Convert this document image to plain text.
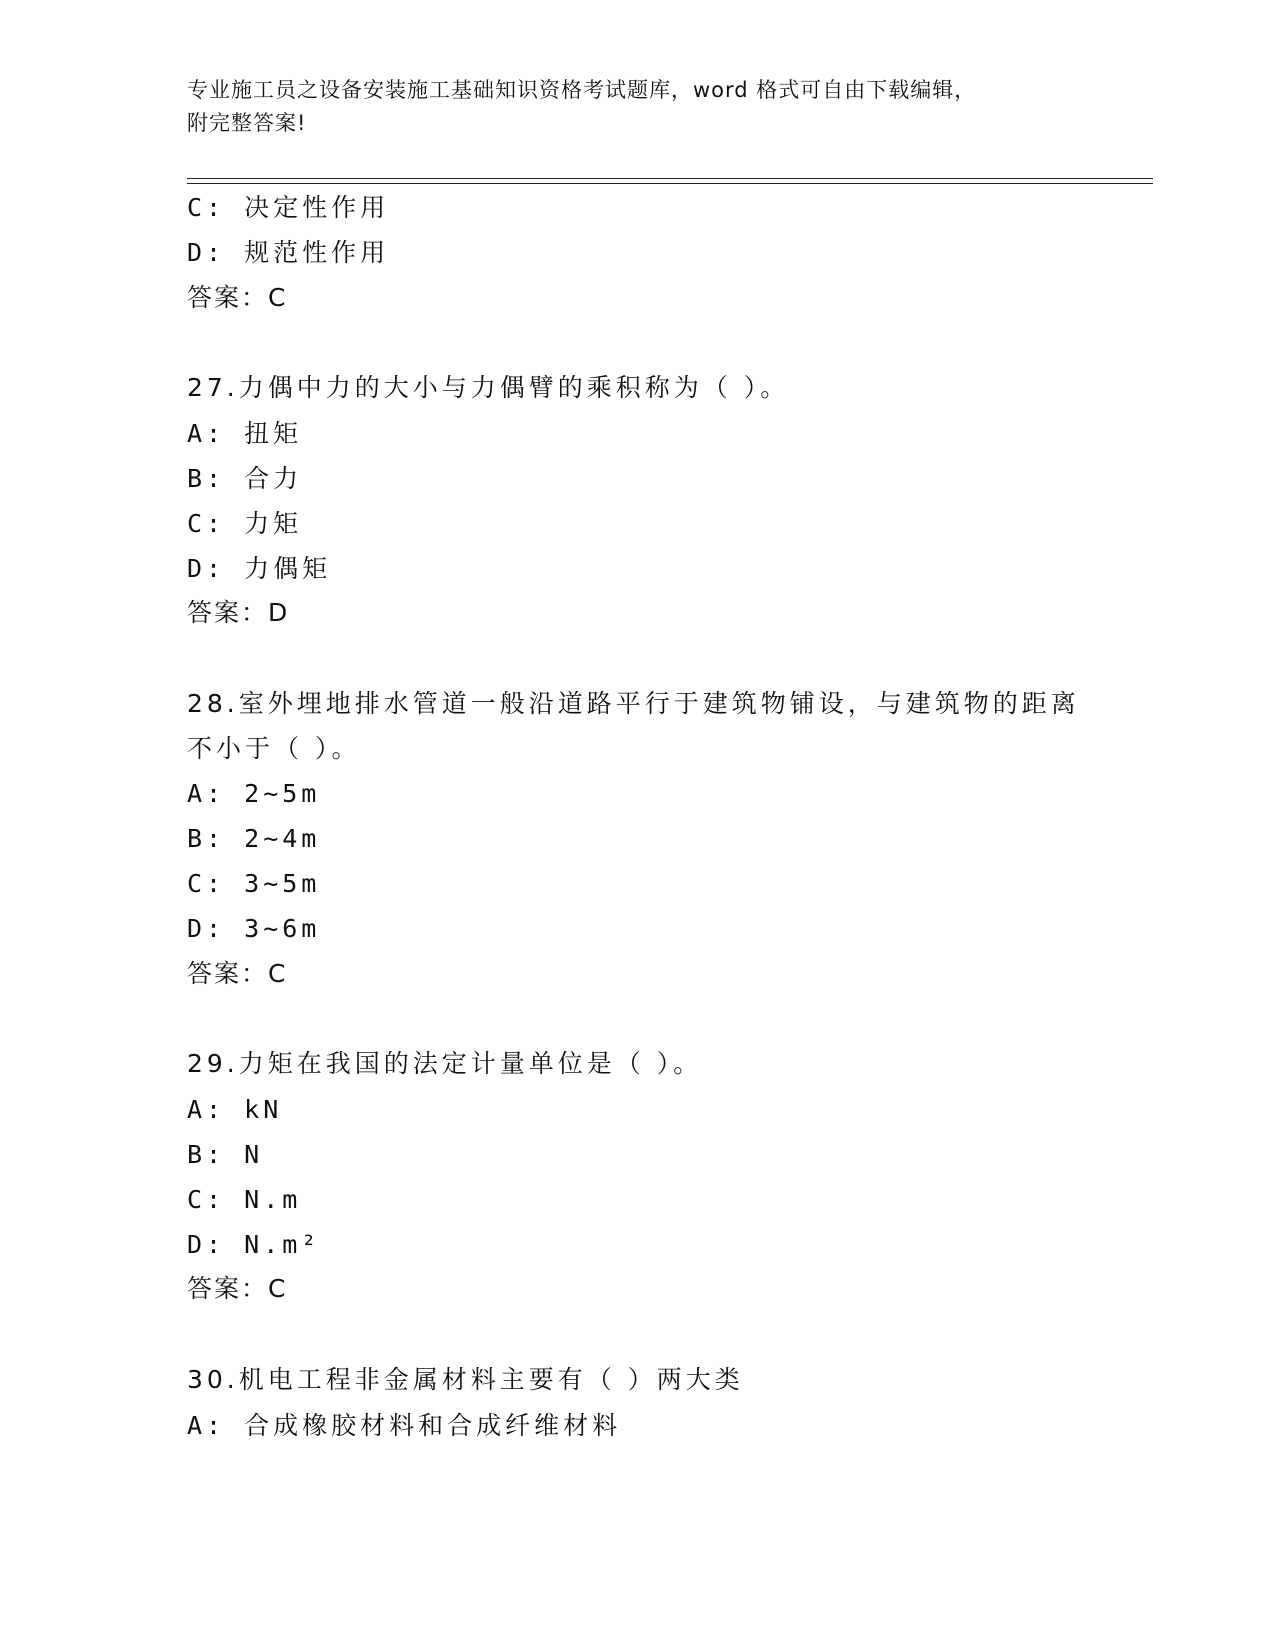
专业施工员之设备安装施工基础知识资格考试题库，word 格式可自由下载编辑，
附完整答案!
C: 决定性作用
D: 规范性作用
答案：C
27.力偶中力的大小与力偶臂的乘积称为（ ）。
A: 扭矩
B: 合力
C: 力矩
D: 力偶矩
答案：D
28.室外埋地排水管道一般沿道路平行于建筑物铺设，与建筑物的距离
不小于（ ）。
A: 2~5m
B: 2~4m
C: 3~5m
D: 3~6m
答案：C
29.力矩在我国的法定计量单位是（ ）。
A: kN
B: N
C: N.m
D: N.m²
答案：C
30.机电工程非金属材料主要有（ ）两大类
A: 合成橡胶材料和合成纤维材料
